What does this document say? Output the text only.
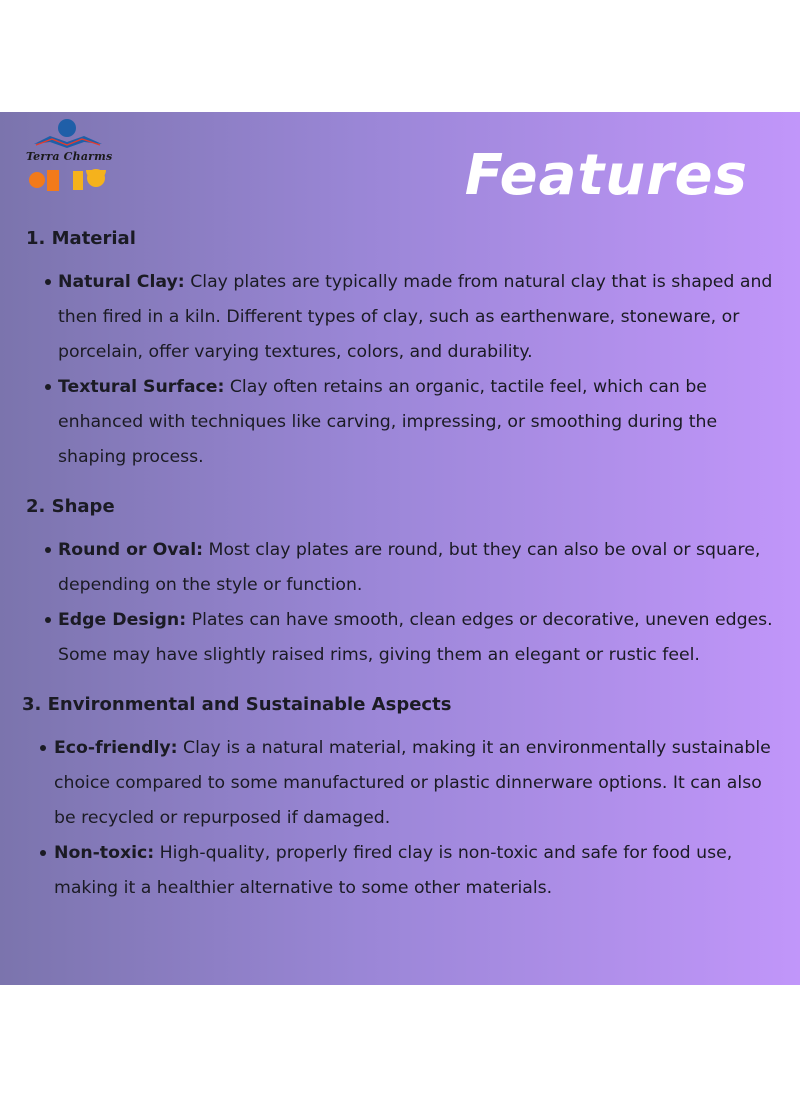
Terra Charms	Features
1. Material
Natural Clay: Clay plates are typically made from natural clay that is shaped and then fired in a kiln. Different types of clay, such as earthenware, stoneware, or porcelain, offer varying textures, colors, and durability.
Textural Surface: Clay often retains an organic, tactile feel, which can be enhanced with techniques like carving, impressing, or smoothing during the shaping process.
2. Shape
Round or Oval: Most clay plates are round, but they can also be oval or square, depending on the style or function.
Edge Design: Plates can have smooth, clean edges or decorative, uneven edges. Some may have slightly raised rims, giving them an elegant or rustic feel.
3. Environmental and Sustainable Aspects
Eco-friendly: Clay is a natural material, making it an environmentally sustainable choice compared to some manufactured or plastic dinnerware options. It can also be recycled or repurposed if damaged.
Non-toxic: High-quality, properly fired clay is non-toxic and safe for food use, making it a healthier alternative to some other materials.
